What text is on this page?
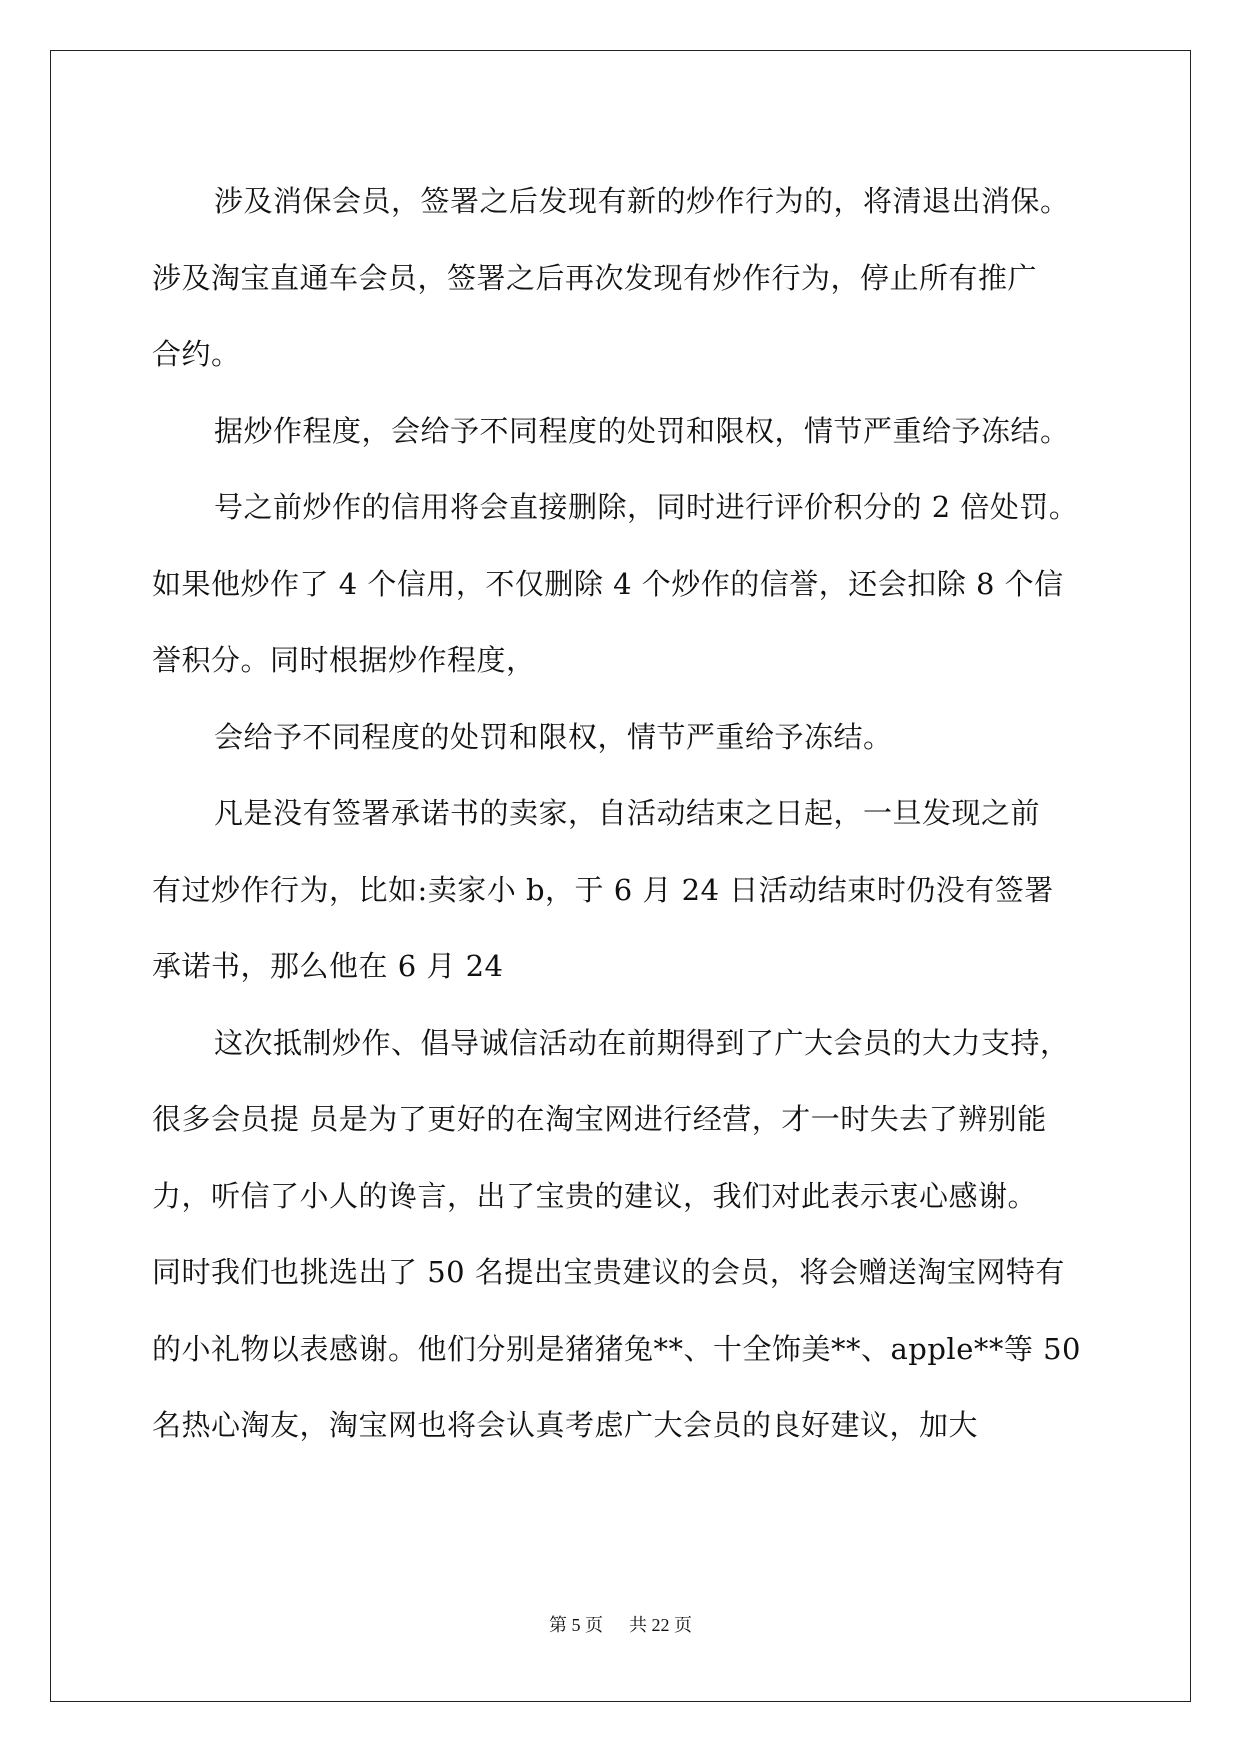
涉及消保会员，签署之后发现有新的炒作行为的，将清退出消保。
涉及淘宝直通车会员，签署之后再次发现有炒作行为，停止所有推广
合约。
据炒作程度，会给予不同程度的处罚和限权，情节严重给予冻结。
号之前炒作的信用将会直接删除，同时进行评价积分的 2 倍处罚。
如果他炒作了 4 个信用，不仅删除 4 个炒作的信誉，还会扣除 8 个信
誉积分。同时根据炒作程度，
会给予不同程度的处罚和限权，情节严重给予冻结。
凡是没有签署承诺书的卖家，自活动结束之日起，一旦发现之前
有过炒作行为，比如:卖家小 b，于 6 月 24 日活动结束时仍没有签署
承诺书，那么他在 6 月 24
这次抵制炒作、倡导诚信活动在前期得到了广大会员的大力支持，
很多会员提 员是为了更好的在淘宝网进行经营，才一时失去了辨别能
力，听信了小人的谗言，出了宝贵的建议，我们对此表示衷心感谢。
同时我们也挑选出了 50 名提出宝贵建议的会员，将会赠送淘宝网特有
的小礼物以表感谢。他们分别是猪猪兔**、十全饰美**、apple**等 50
名热心淘友，淘宝网也将会认真考虑广大会员的良好建议，加大
第 5 页 共 22 页
